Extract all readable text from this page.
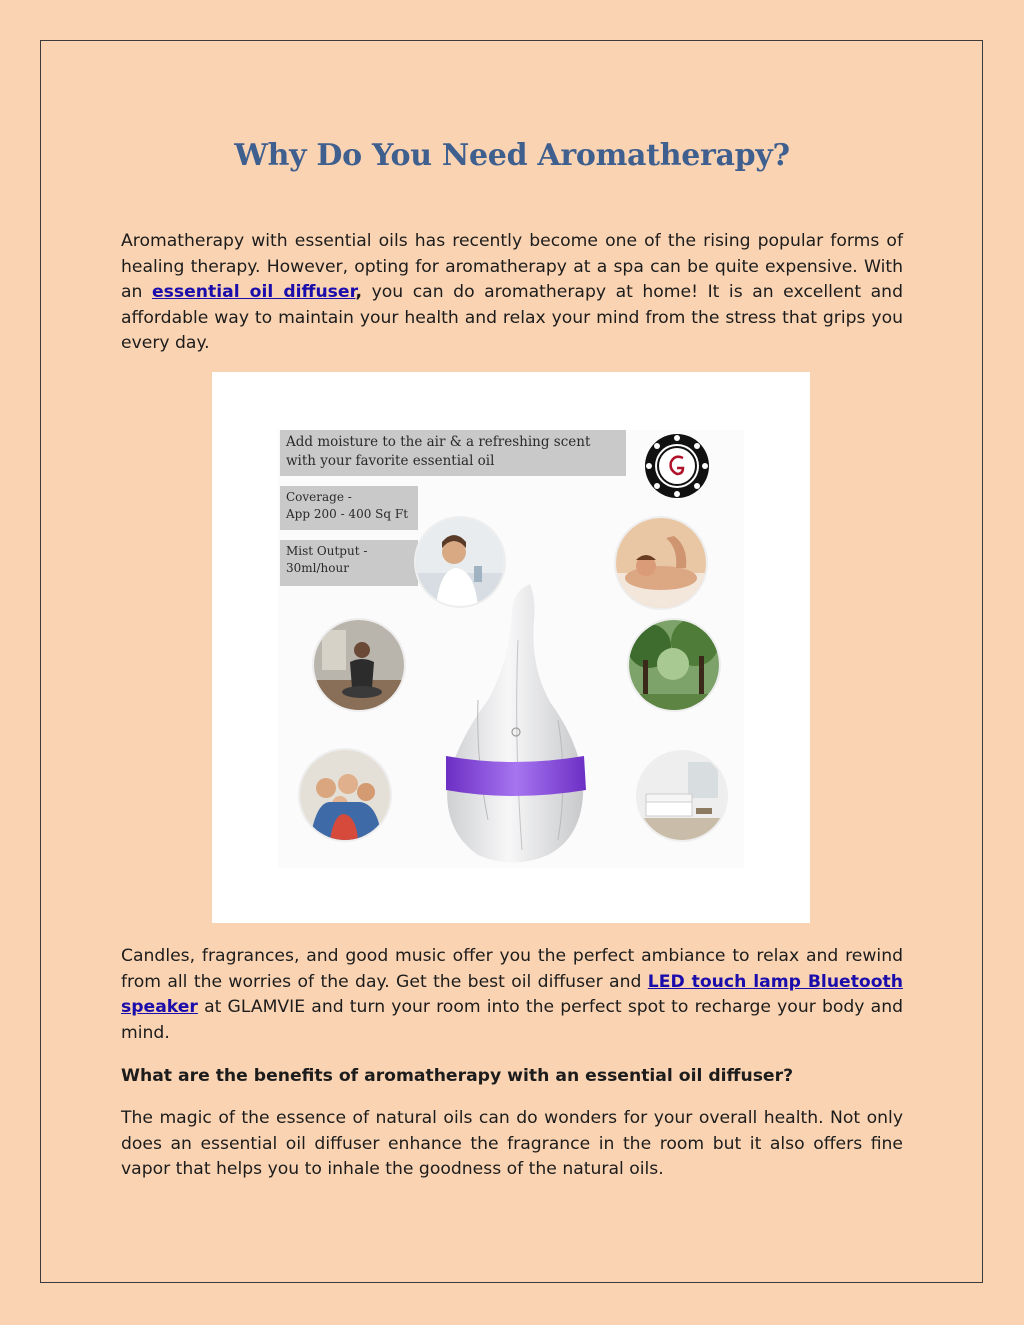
Why Do You Need Aromatherapy?

Aromatherapy with essential oils has recently become one of the rising popular forms of healing therapy. However, opting for aromatherapy at a spa can be quite expensive. With an essential oil diffuser, you can do aromatherapy at home! It is an excellent and affordable way to maintain your health and relax your mind from the stress that grips you every day.

Add moisture to the air & a refreshing scent with your favorite essential oil
Coverage -
App 200 - 400 Sq Ft
Mist Output -
30ml/hour

Candles, fragrances, and good music offer you the perfect ambiance to relax and rewind from all the worries of the day. Get the best oil diffuser and LED touch lamp Bluetooth speaker at GLAMVIE and turn your room into the perfect spot to recharge your body and mind.

What are the benefits of aromatherapy with an essential oil diffuser?

The magic of the essence of natural oils can do wonders for your overall health. Not only does an essential oil diffuser enhance the fragrance in the room but it also offers fine vapor that helps you to inhale the goodness of the natural oils.
